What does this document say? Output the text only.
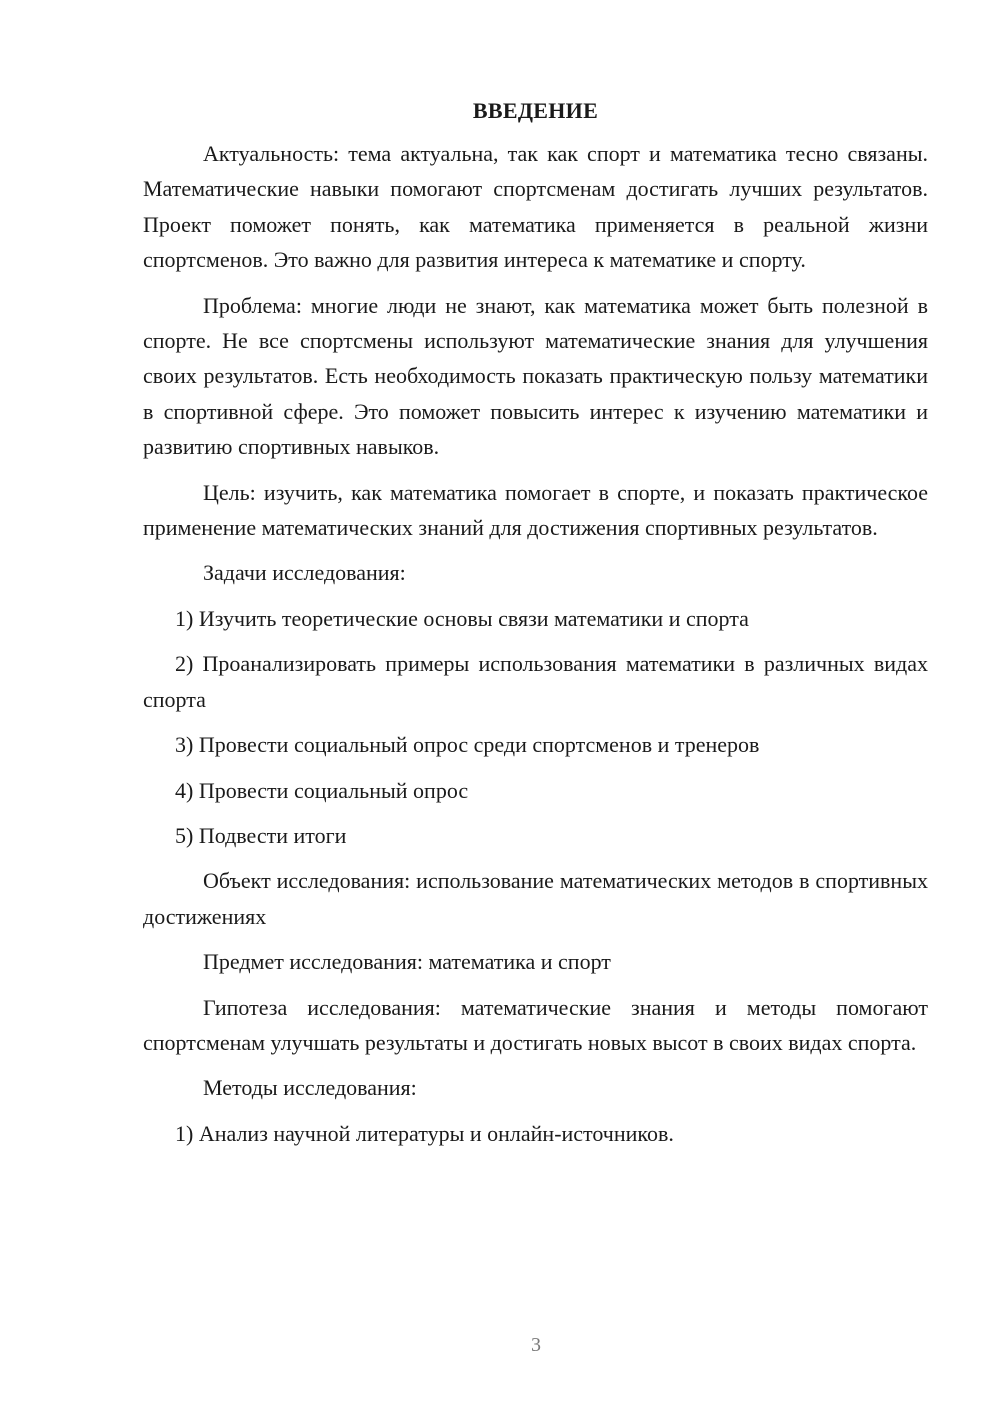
ВВЕДЕНИЕ

Актуальность: тема актуальна, так как спорт и математика тесно связаны. Математические навыки помогают спортсменам достигать лучших результатов. Проект поможет понять, как математика применяется в реальной жизни спортсменов. Это важно для развития интереса к математике и спорту.

Проблема: многие люди не знают, как математика может быть полезной в спорте. Не все спортсмены используют математические знания для улучшения своих результатов. Есть необходимость показать практическую пользу математики в спортивной сфере. Это поможет повысить интерес к изучению математики и развитию спортивных навыков.

Цель: изучить, как математика помогает в спорте, и показать практическое применение математических знаний для достижения спортивных результатов.

Задачи исследования:

1) Изучить теоретические основы связи математики и спорта

2) Проанализировать примеры использования математики в различных видах спорта

3) Провести социальный опрос среди спортсменов и тренеров

4) Провести социальный опрос

5) Подвести итоги

Объект исследования: использование математических методов в спортивных достижениях

Предмет исследования: математика и спорт

Гипотеза исследования: математические знания и методы помогают спортсменам улучшать результаты и достигать новых высот в своих видах спорта.

Методы исследования:

1) Анализ научной литературы и онлайн-источников.

3
